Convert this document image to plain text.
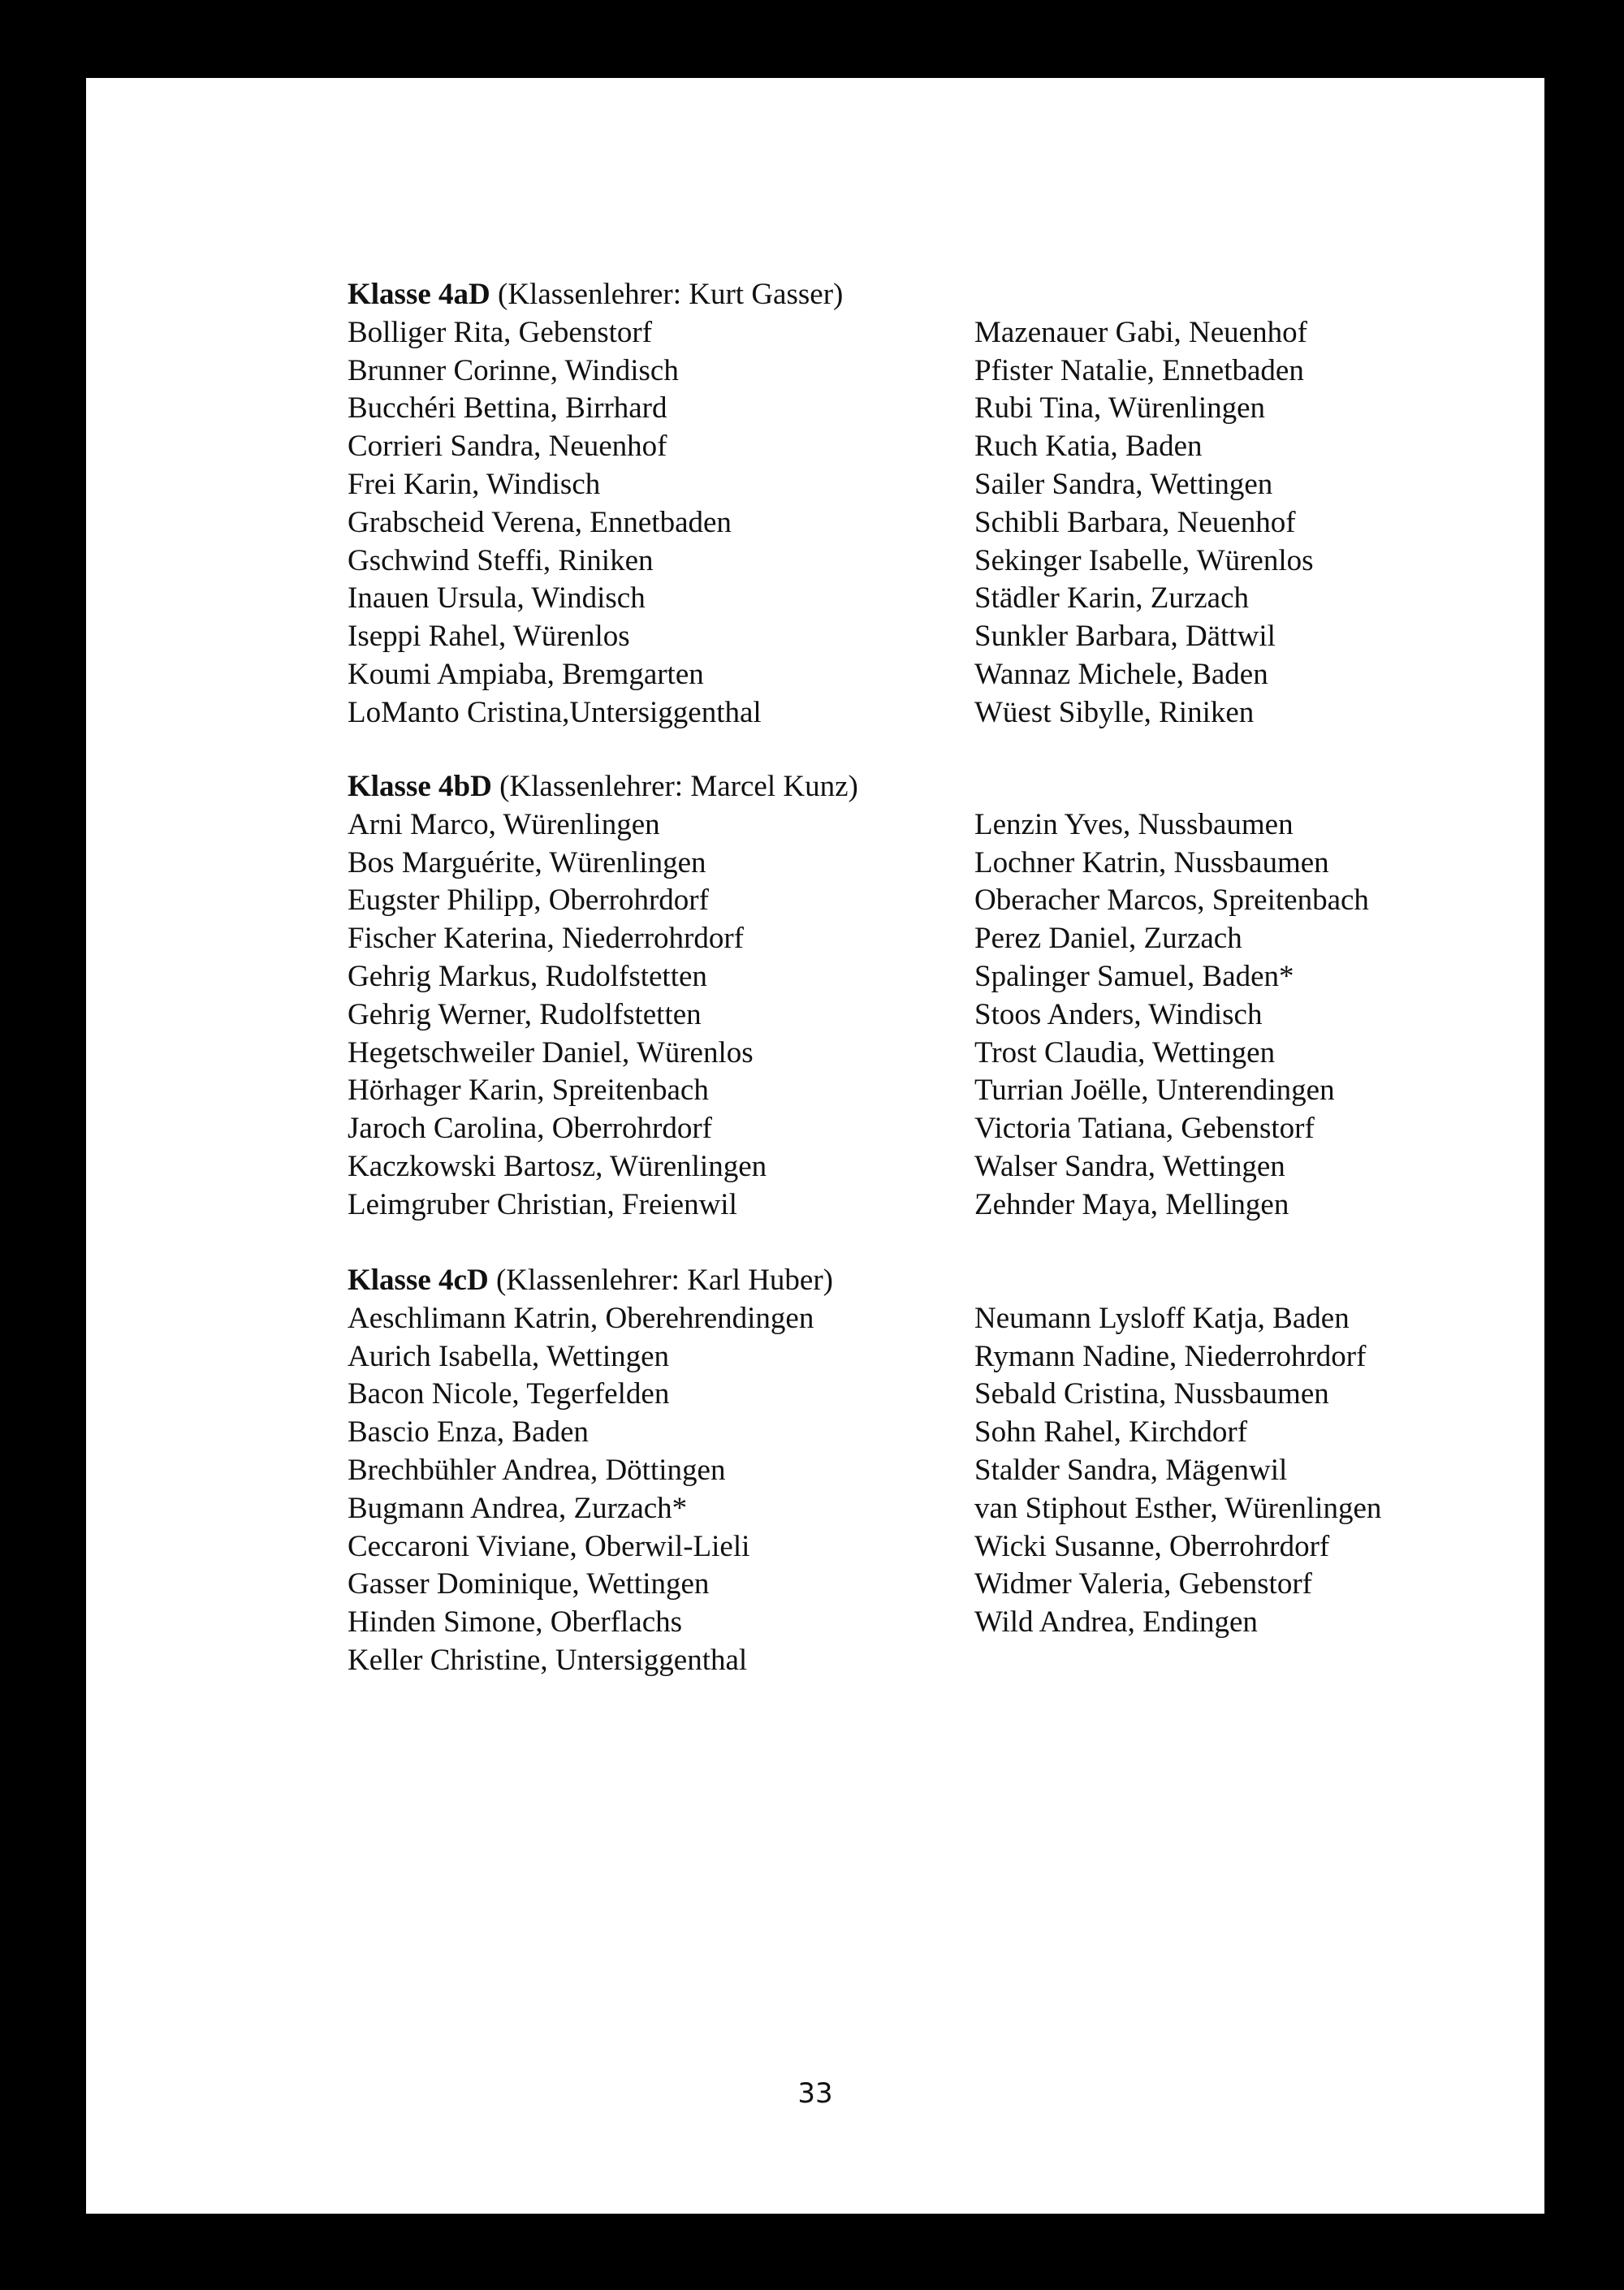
Klasse 4aD (Klassenlehrer: Kurt Gasser)
Bolliger Rita, Gebenstorf
Brunner Corinne, Windisch
Bucchéri Bettina, Birrhard
Corrieri Sandra, Neuenhof
Frei Karin, Windisch
Grabscheid Verena, Ennetbaden
Gschwind Steffi, Riniken
Inauen Ursula, Windisch
Iseppi Rahel, Würenlos
Koumi Ampiaba, Bremgarten
LoManto Cristina,Untersiggenthal
Mazenauer Gabi, Neuenhof
Pfister Natalie, Ennetbaden
Rubi Tina, Würenlingen
Ruch Katia, Baden
Sailer Sandra, Wettingen
Schibli Barbara, Neuenhof
Sekinger Isabelle, Würenlos
Städler Karin, Zurzach
Sunkler Barbara, Dättwil
Wannaz Michele, Baden
Wüest Sibylle, Riniken
Klasse 4bD (Klassenlehrer: Marcel Kunz)
Arni Marco, Würenlingen
Bos Marguérite, Würenlingen
Eugster Philipp, Oberrohrdorf
Fischer Katerina, Niederrohrdorf
Gehrig Markus, Rudolfstetten
Gehrig Werner, Rudolfstetten
Hegetschweiler Daniel, Würenlos
Hörhager Karin, Spreitenbach
Jaroch Carolina, Oberrohrdorf
Kaczkowski Bartosz, Würenlingen
Leimgruber Christian, Freienwil
Lenzin Yves, Nussbaumen
Lochner Katrin, Nussbaumen
Oberacher Marcos, Spreitenbach
Perez Daniel, Zurzach
Spalinger Samuel, Baden*
Stoos Anders, Windisch
Trost Claudia, Wettingen
Turrian Joëlle, Unterendingen
Victoria Tatiana, Gebenstorf
Walser Sandra, Wettingen
Zehnder Maya, Mellingen
Klasse 4cD (Klassenlehrer: Karl Huber)
Aeschlimann Katrin, Oberehrendingen
Aurich Isabella, Wettingen
Bacon Nicole, Tegerfelden
Bascio Enza, Baden
Brechbühler Andrea, Döttingen
Bugmann Andrea, Zurzach*
Ceccaroni Viviane, Oberwil-Lieli
Gasser Dominique, Wettingen
Hinden Simone, Oberflachs
Keller Christine, Untersiggenthal
Neumann Lysloff Katja, Baden
Rymann Nadine, Niederrohrdorf
Sebald Cristina, Nussbaumen
Sohn Rahel, Kirchdorf
Stalder Sandra, Mägenwil
van Stiphout Esther, Würenlingen
Wicki Susanne, Oberrohrdorf
Widmer Valeria, Gebenstorf
Wild Andrea, Endingen
33
